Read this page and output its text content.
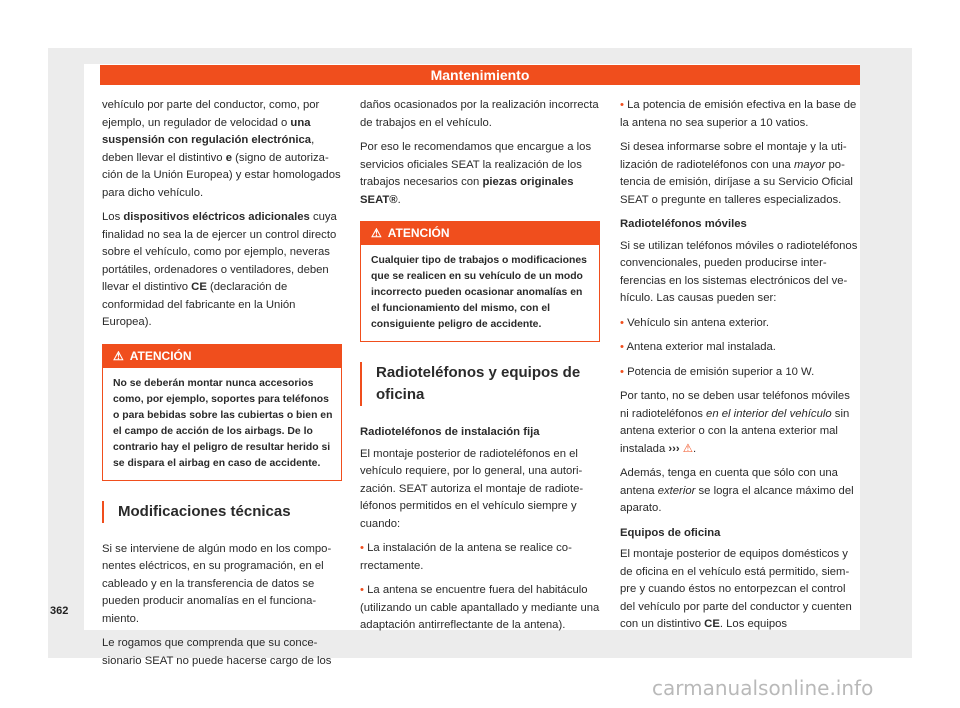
Mantenimiento

vehículo por parte del conductor, como, por ejemplo, un regulador de velocidad o una suspensión con regulación electrónica, deben llevar el distintivo e (signo de autorización de la Unión Europea) y estar homologados para dicho vehículo.

Los dispositivos eléctricos adicionales cuya finalidad no sea la de ejercer un control directo sobre el vehículo, como por ejemplo, neveras portátiles, ordenadores o ventiladores, deben llevar el distintivo CE (declaración de conformidad del fabricante en la Unión Europea).

⚠ ATENCIÓN
No se deberán montar nunca accesorios como, por ejemplo, soportes para teléfonos o para bebidas sobre las cubiertas o bien en el campo de acción de los airbags. De lo contrario hay el peligro de resultar herido si se dispara el airbag en caso de accidente.
Modificaciones técnicas

Si se interviene de algún modo en los componentes eléctricos, en su programación, en el cableado y en la transferencia de datos se pueden producir anomalías en el funcionamiento.

Le rogamos que comprenda que su concesionario SEAT no puede hacerse cargo de los

daños ocasionados por la realización incorrecta de trabajos en el vehículo.

Por eso le recomendamos que encargue a los servicios oficiales SEAT la realización de los trabajos necesarios con piezas originales SEAT®.

⚠ ATENCIÓN
Cualquier tipo de trabajos o modificaciones que se realicen en su vehículo de un modo incorrecto pueden ocasionar anomalías en el funcionamiento del mismo, con el consiguiente peligro de accidente.
Radioteléfonos y equipos de oficina

Radioteléfonos de instalación fija

El montaje posterior de radioteléfonos en el vehículo requiere, por lo general, una autorización. SEAT autoriza el montaje de radioteléfonos permitidos en el vehículo siempre y cuando:

• La instalación de la antena se realice correctamente.

• La antena se encuentre fuera del habitáculo (utilizando un cable apantallado y mediante una adaptación antirreflectante de la antena).

• La potencia de emisión efectiva en la base de la antena no sea superior a 10 vatios.

Si desea informarse sobre el montaje y la utilización de radioteléfonos con una mayor potencia de emisión, diríjase a su Servicio Oficial SEAT o pregunte en talleres especializados.

Radioteléfonos móviles

Si se utilizan teléfonos móviles o radioteléfonos convencionales, pueden producirse interferencias en los sistemas electrónicos del vehículo. Las causas pueden ser:

• Vehículo sin antena exterior.

• Antena exterior mal instalada.

• Potencia de emisión superior a 10 W.

Por tanto, no se deben usar teléfonos móviles ni radioteléfonos en el interior del vehículo sin antena exterior o con la antena exterior mal instalada ››› ⚠.

Además, tenga en cuenta que sólo con una antena exterior se logra el alcance máximo del aparato.

Equipos de oficina

El montaje posterior de equipos domésticos y de oficina en el vehículo está permitido, siempre y cuando éstos no entorpezcan el control del vehículo por parte del conductor y cuenten con un distintivo CE. Los equipos

362
carmanualsonline.info
